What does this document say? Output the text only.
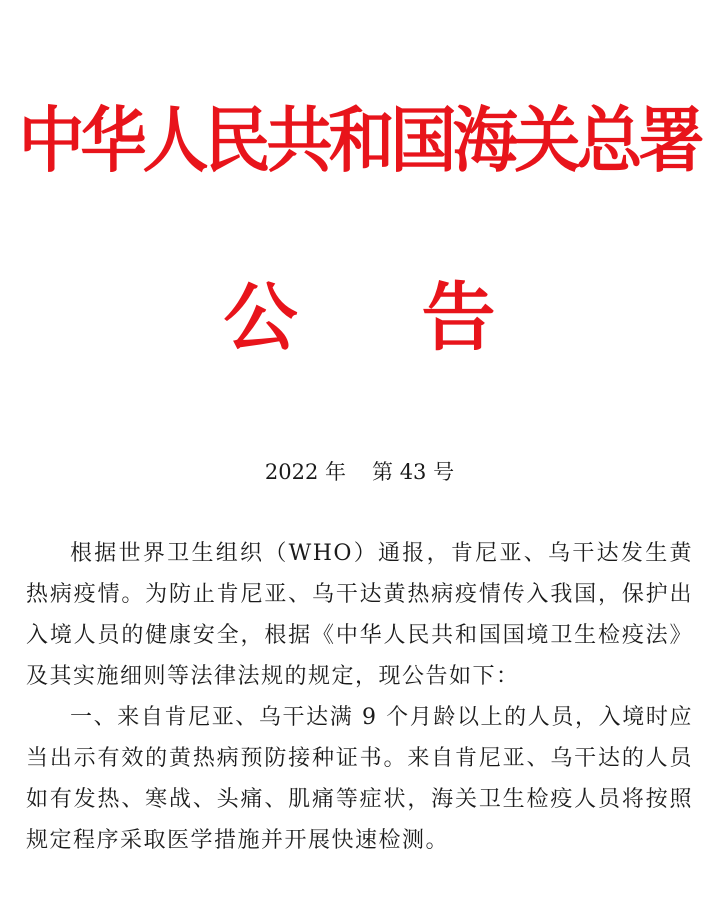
中华人民共和国海关总署
公 告
2022 年 第 43 号

根据世界卫生组织（WHO）通报，肯尼亚、乌干达发生黄热病疫情。为防止肯尼亚、乌干达黄热病疫情传入我国，保护出入境人员的健康安全，根据《中华人民共和国国境卫生检疫法》及其实施细则等法律法规的规定，现公告如下：

一、来自肯尼亚、乌干达满 9 个月龄以上的人员，入境时应当出示有效的黄热病预防接种证书。来自肯尼亚、乌干达的人员如有发热、寒战、头痛、肌痛等症状，海关卫生检疫人员将按照规定程序采取医学措施并开展快速检测。
